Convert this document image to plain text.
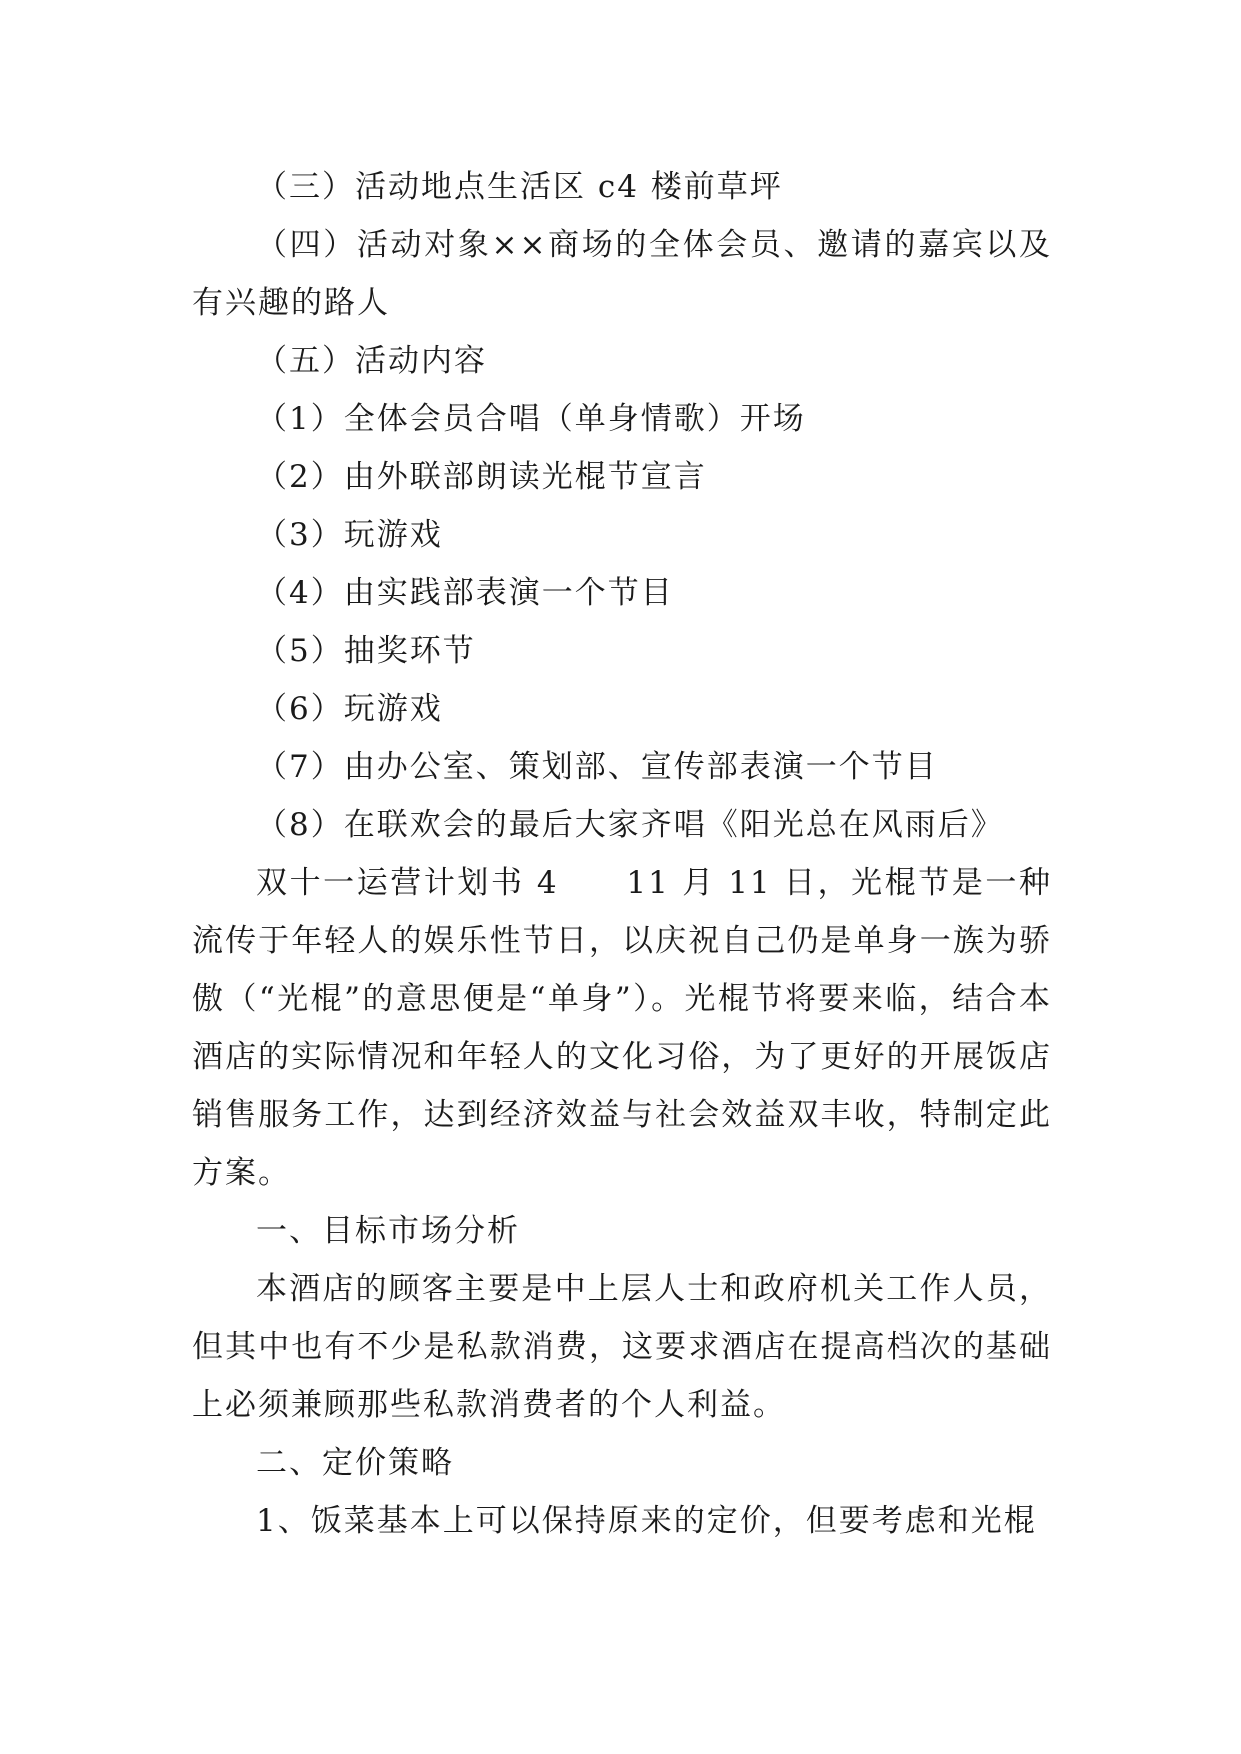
（三）活动地点生活区 c4 楼前草坪

（四）活动对象××商场的全体会员、邀请的嘉宾以及有兴趣的路人

（五）活动内容

（1）全体会员合唱（单身情歌）开场

（2）由外联部朗读光棍节宣言

（3）玩游戏

（4）由实践部表演一个节目

（5）抽奖环节

（6）玩游戏

（7）由办公室、策划部、宣传部表演一个节目

（8）在联欢会的最后大家齐唱《阳光总在风雨后》

双十一运营计划书 4　　11 月 11 日，光棍节是一种流传于年轻人的娱乐性节日，以庆祝自己仍是单身一族为骄傲（“光棍”的意思便是“单身”）。光棍节将要来临，结合本酒店的实际情况和年轻人的文化习俗，为了更好的开展饭店销售服务工作，达到经济效益与社会效益双丰收，特制定此方案。

一、目标市场分析

本酒店的顾客主要是中上层人士和政府机关工作人员，但其中也有不少是私款消费，这要求酒店在提高档次的基础上必须兼顾那些私款消费者的个人利益。

二、定价策略

1、饭菜基本上可以保持原来的定价，但要考虑和光棍
